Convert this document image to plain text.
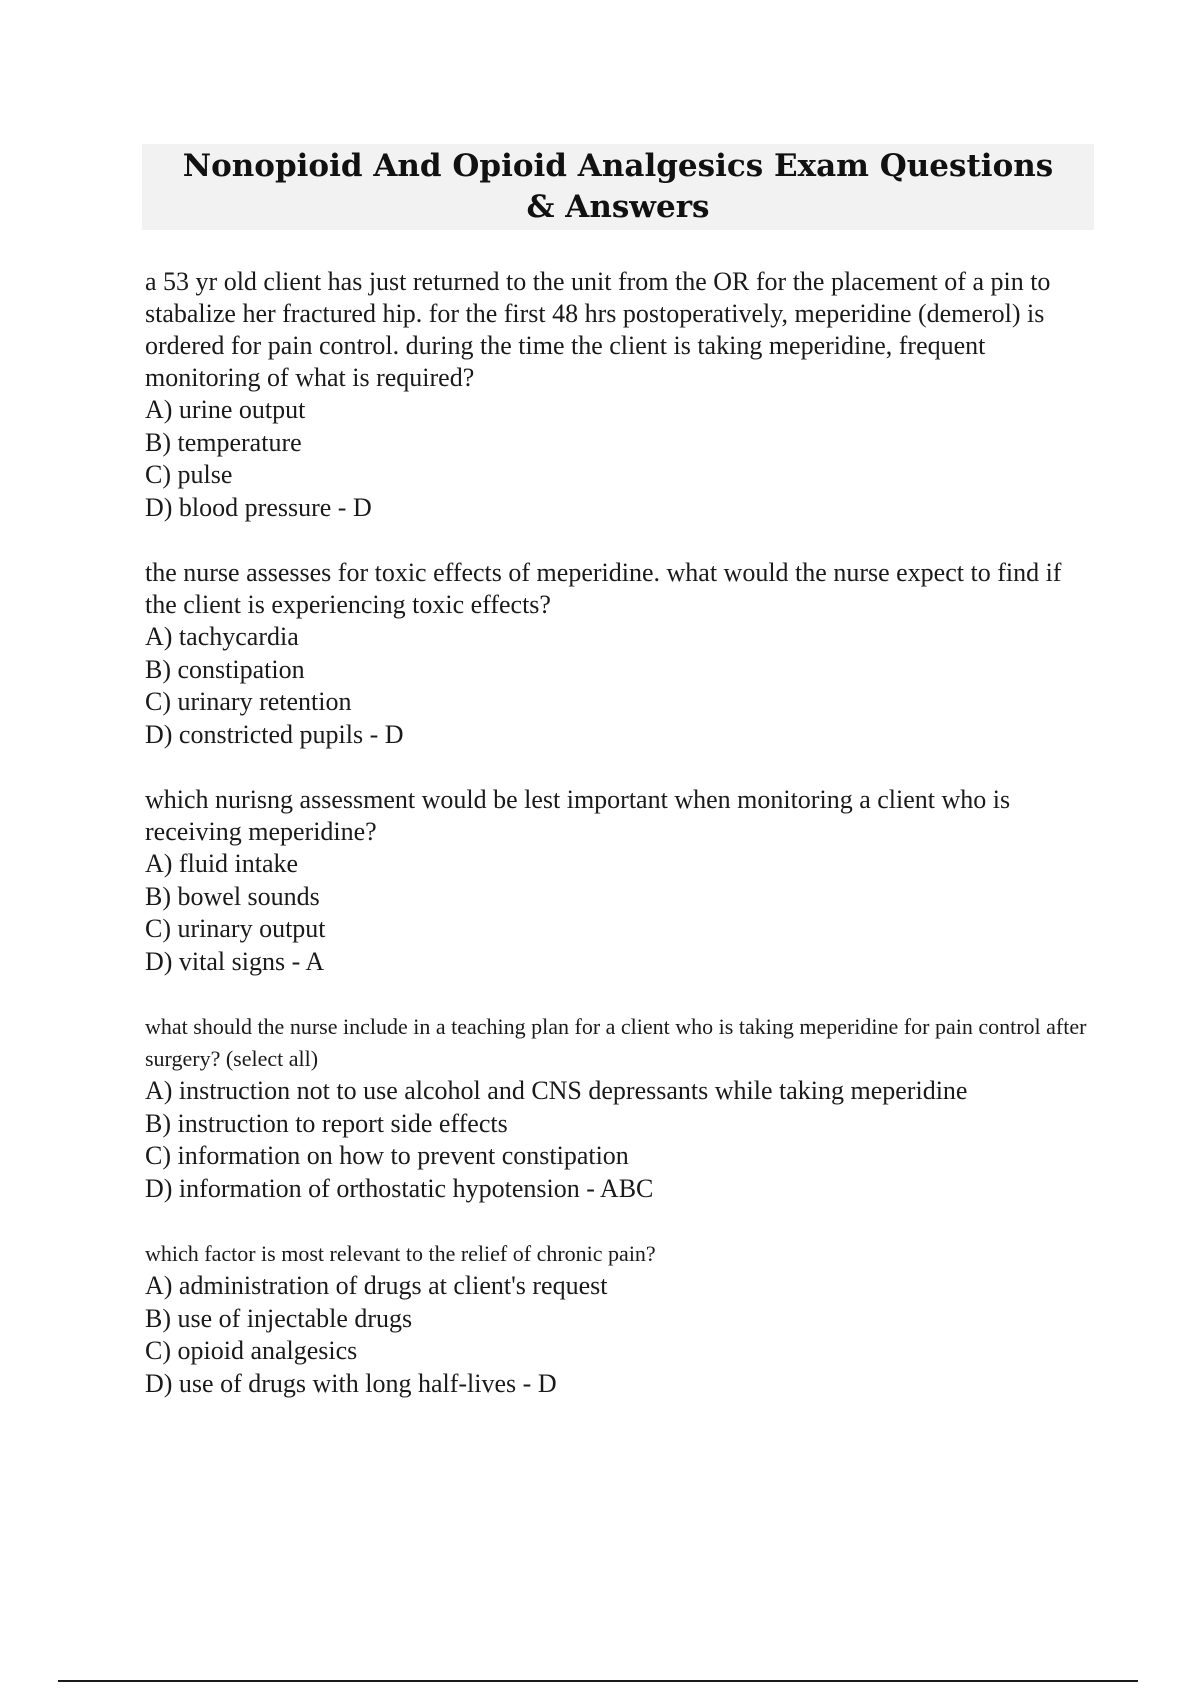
Nonopioid And Opioid Analgesics Exam Questions & Answers

a 53 yr old client has just returned to the unit from the OR for the placement of a pin to stabalize her fractured hip. for the first 48 hrs postoperatively, meperidine (demerol) is ordered for pain control. during the time the client is taking meperidine, frequent monitoring of what is required?

A) urine output
B) temperature
C) pulse
D) blood pressure - D

the nurse assesses for toxic effects of meperidine. what would the nurse expect to find if the client is experiencing toxic effects?

A) tachycardia
B) constipation
C) urinary retention
D) constricted pupils - D

which nurisng assessment would be lest important when monitoring a client who is receiving meperidine?

A) fluid intake
B) bowel sounds
C) urinary output
D) vital signs - A

what should the nurse include in a teaching plan for a client who is taking meperidine for pain control after surgery? (select all)

A) instruction not to use alcohol and CNS depressants while taking meperidine
B) instruction to report side effects
C) information on how to prevent constipation
D) information of orthostatic hypotension - ABC

which factor is most relevant to the relief of chronic pain?

A) administration of drugs at client's request
B) use of injectable drugs
C) opioid analgesics
D) use of drugs with long half-lives - D
